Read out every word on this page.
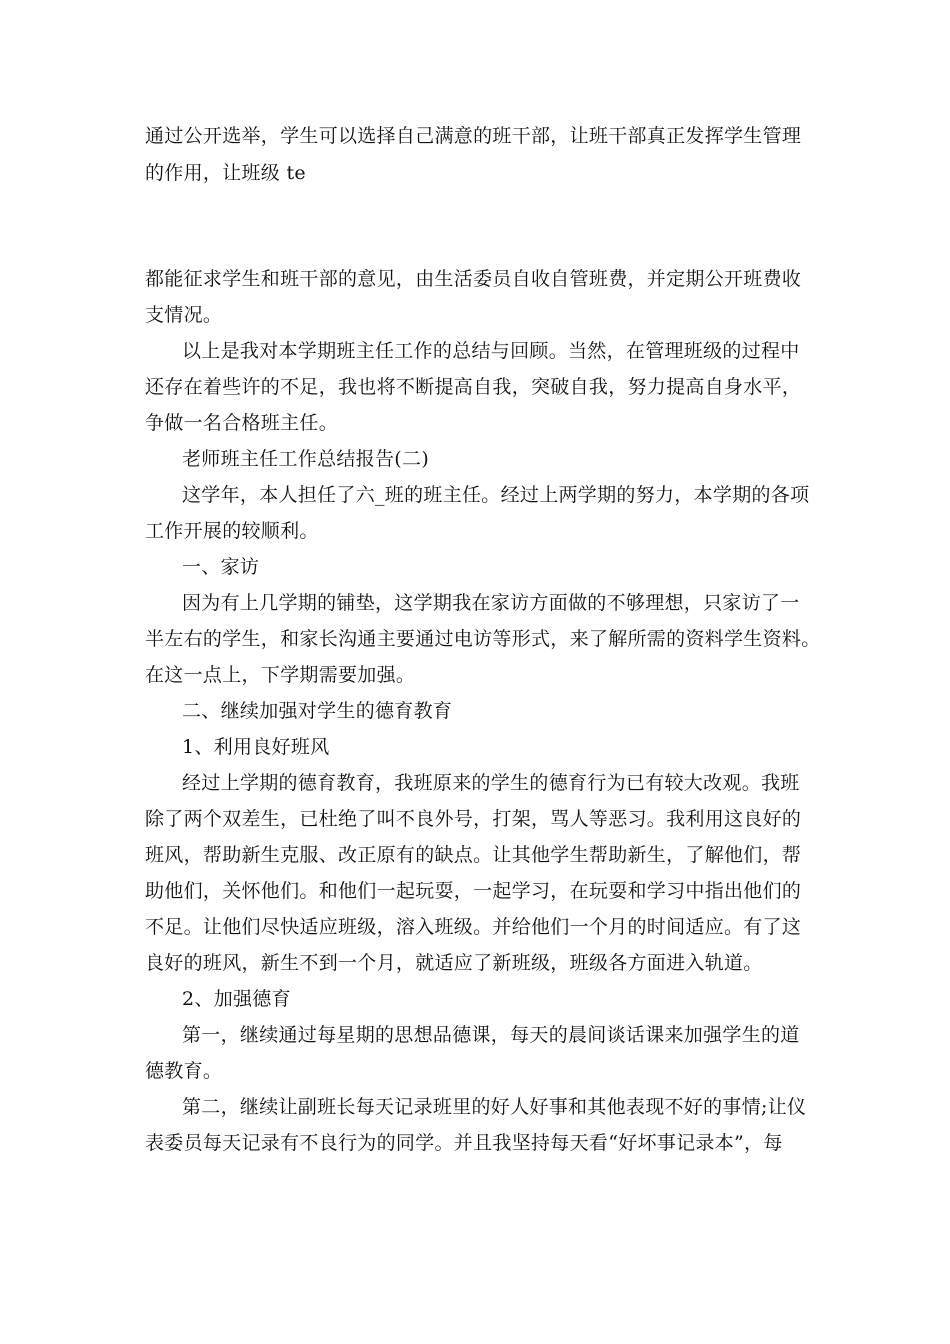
通过公开选举，学生可以选择自己满意的班干部，让班干部真正发挥学生管理
的作用，让班级 te
都能征求学生和班干部的意见，由生活委员自收自管班费，并定期公开班费收
支情况。
以上是我对本学期班主任工作的总结与回顾。当然，在管理班级的过程中
还存在着些许的不足，我也将不断提高自我，突破自我，努力提高自身水平，
争做一名合格班主任。
老师班主任工作总结报告(二)
这学年，本人担任了六_班的班主任。经过上两学期的努力，本学期的各项
工作开展的较顺利。
一、家访
因为有上几学期的铺垫，这学期我在家访方面做的不够理想，只家访了一
半左右的学生，和家长沟通主要通过电访等形式，来了解所需的资料学生资料。
在这一点上，下学期需要加强。
二、继续加强对学生的德育教育
1、利用良好班风
经过上学期的德育教育，我班原来的学生的德育行为已有较大改观。我班
除了两个双差生，已杜绝了叫不良外号，打架，骂人等恶习。我利用这良好的
班风，帮助新生克服、改正原有的缺点。让其他学生帮助新生，了解他们，帮
助他们，关怀他们。和他们一起玩耍，一起学习，在玩耍和学习中指出他们的
不足。让他们尽快适应班级，溶入班级。并给他们一个月的时间适应。有了这
良好的班风，新生不到一个月，就适应了新班级，班级各方面进入轨道。
2、加强德育
第一，继续通过每星期的思想品德课，每天的晨间谈话课来加强学生的道
德教育。
第二，继续让副班长每天记录班里的好人好事和其他表现不好的事情;让仪
表委员每天记录有不良行为的同学。并且我坚持每天看“好坏事记录本”，每
